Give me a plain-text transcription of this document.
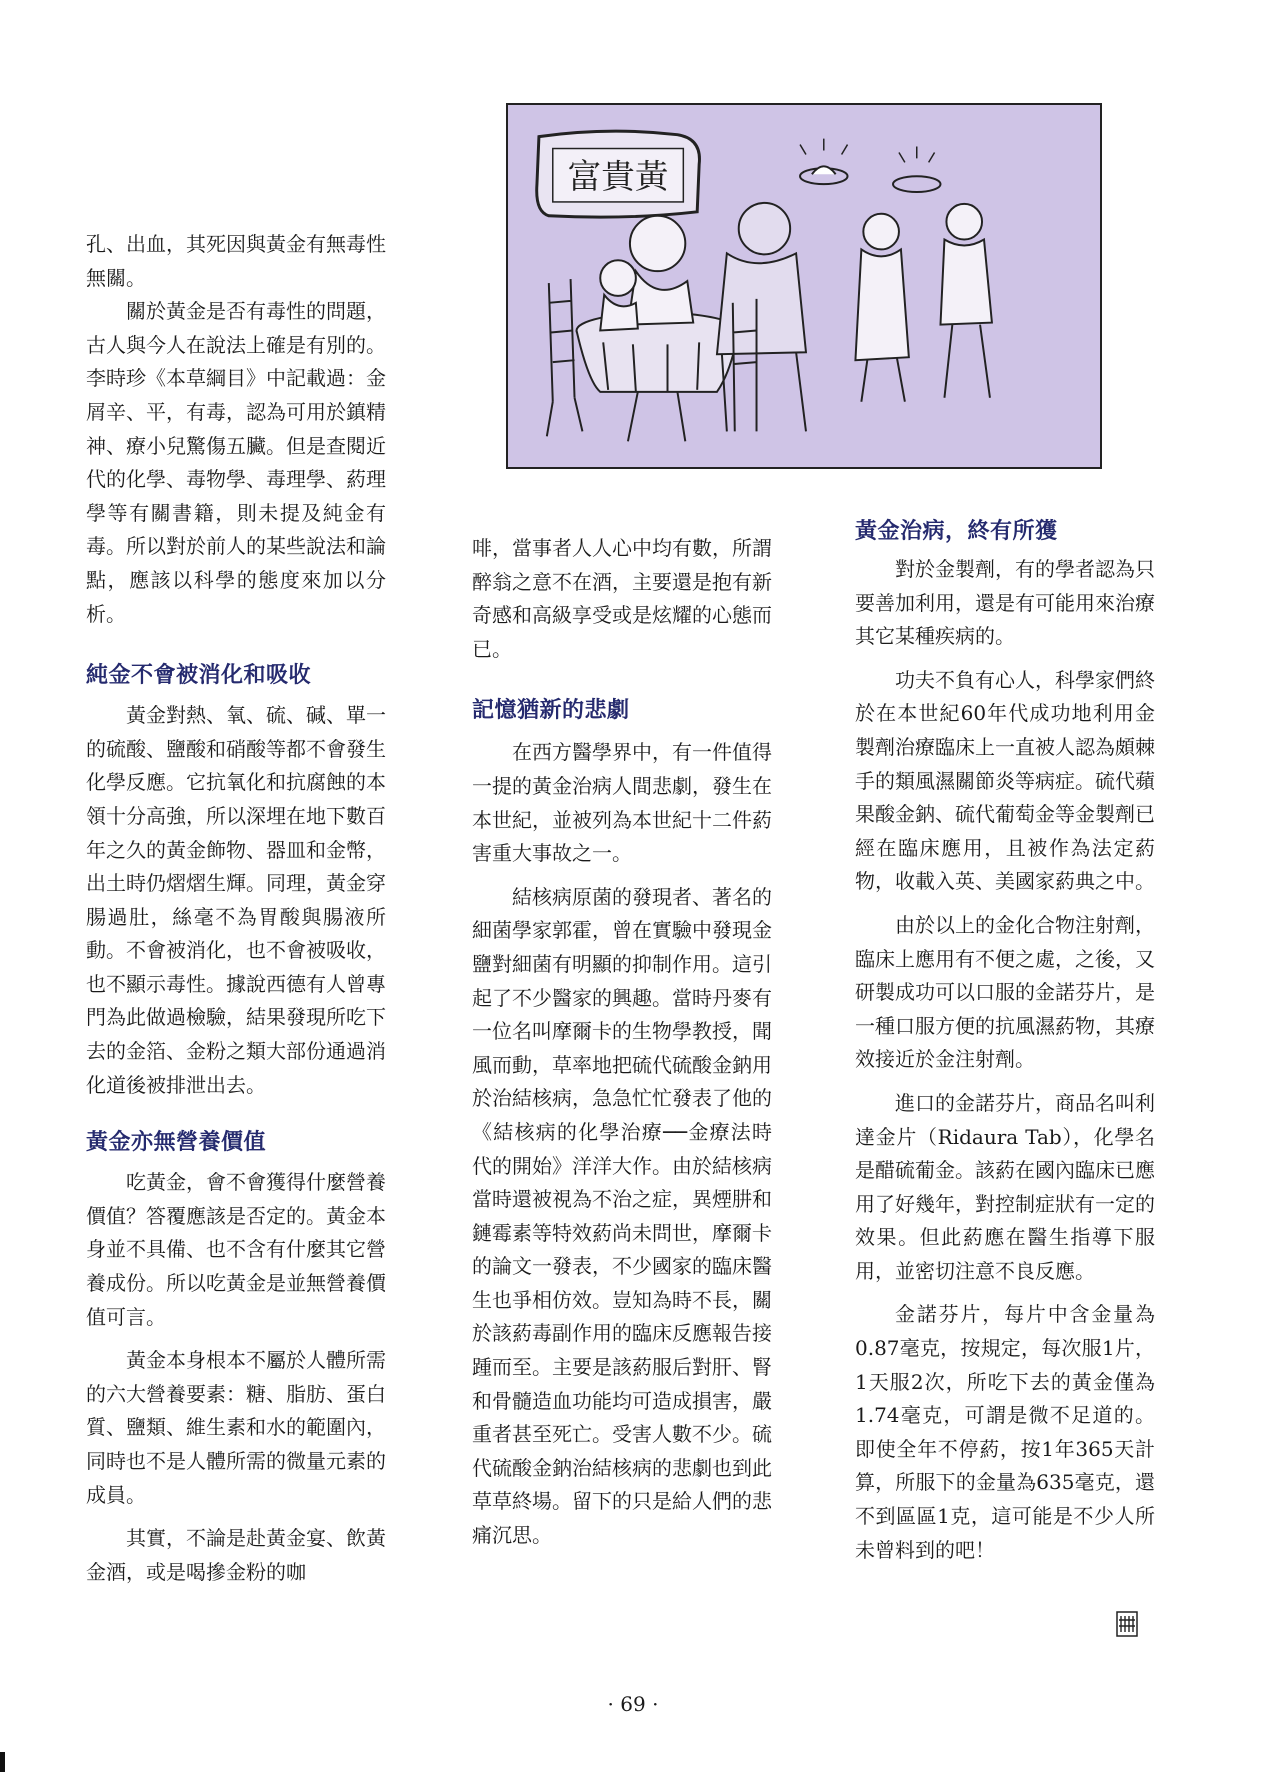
孔、出血，其死因與黃金有無毒性無關。

關於黃金是否有毒性的問題，古人與今人在說法上確是有別的。李時珍《本草綱目》中記載過：金屑辛、平，有毒，認為可用於鎮精神、療小兒驚傷五臟。但是查閱近代的化學、毒物學、毒理學、葯理學等有關書籍，則未提及純金有毒。所以對於前人的某些說法和論點，應該以科學的態度來加以分析。

純金不會被消化和吸收

黃金對熱、氧、硫、碱、單一的硫酸、鹽酸和硝酸等都不會發生化學反應。它抗氧化和抗腐蝕的本領十分高強，所以深埋在地下數百年之久的黃金飾物、器皿和金幣，出土時仍熠熠生輝。同理，黃金穿腸過肚，絲毫不為胃酸與腸液所動。不會被消化，也不會被吸收，也不顯示毒性。據說西德有人曾專門為此做過檢驗，結果發現所吃下去的金箔、金粉之類大部份通過消化道後被排泄出去。

黃金亦無營養價值

吃黃金，會不會獲得什麼營養價值？答覆應該是否定的。黃金本身並不具備、也不含有什麼其它營養成份。所以吃黃金是並無營養價值可言。

黃金本身根本不屬於人體所需的六大營養要素：糖、脂肪、蛋白質、鹽類、維生素和水的範圍內，同時也不是人體所需的微量元素的成員。

其實，不論是赴黃金宴、飲黃金酒，或是喝摻金粉的咖

富貴黃

啡，當事者人人心中均有數，所謂醉翁之意不在酒，主要還是抱有新奇感和高級享受或是炫耀的心態而已。

記憶猶新的悲劇

在西方醫學界中，有一件值得一提的黃金治病人間悲劇，發生在本世紀，並被列為本世紀十二件葯害重大事故之一。

結核病原菌的發現者、著名的細菌學家郭霍，曾在實驗中發現金鹽對細菌有明顯的抑制作用。這引起了不少醫家的興趣。當時丹麥有一位名叫摩爾卡的生物學教授，聞風而動，草率地把硫代硫酸金鈉用於治結核病，急急忙忙發表了他的《結核病的化學治療──金療法時代的開始》洋洋大作。由於結核病當時還被視為不治之症，異煙肼和鏈霉素等特效葯尚未問世，摩爾卡的論文一發表，不少國家的臨床醫生也爭相仿效。豈知為時不長，關於該葯毒副作用的臨床反應報告接踵而至。主要是該葯服后對肝、腎和骨髓造血功能均可造成損害，嚴重者甚至死亡。受害人數不少。硫代硫酸金鈉治結核病的悲劇也到此草草終場。留下的只是給人們的悲痛沉思。

黃金治病，終有所獲

對於金製劑，有的學者認為只要善加利用，還是有可能用來治療其它某種疾病的。

功夫不負有心人，科學家們終於在本世紀60年代成功地利用金製劑治療臨床上一直被人認為頗棘手的類風濕關節炎等病症。硫代蘋果酸金鈉、硫代葡萄金等金製劑已經在臨床應用，且被作為法定葯物，收載入英、美國家葯典之中。

由於以上的金化合物注射劑，臨床上應用有不便之處，之後，又研製成功可以口服的金諾芬片，是一種口服方便的抗風濕葯物，其療效接近於金注射劑。

進口的金諾芬片，商品名叫利達金片（Ridaura Tab），化學名是醋硫葡金。該葯在國內臨床已應用了好幾年，對控制症狀有一定的效果。但此葯應在醫生指導下服用，並密切注意不良反應。

金諾芬片，每片中含金量為0.87毫克，按規定，每次服1片，1天服2次，所吃下去的黃金僅為1.74毫克，可謂是微不足道的。即使全年不停葯，按1年365天計算，所服下的金量為635毫克，還不到區區1克，這可能是不少人所未曾料到的吧！

· 69 ·
